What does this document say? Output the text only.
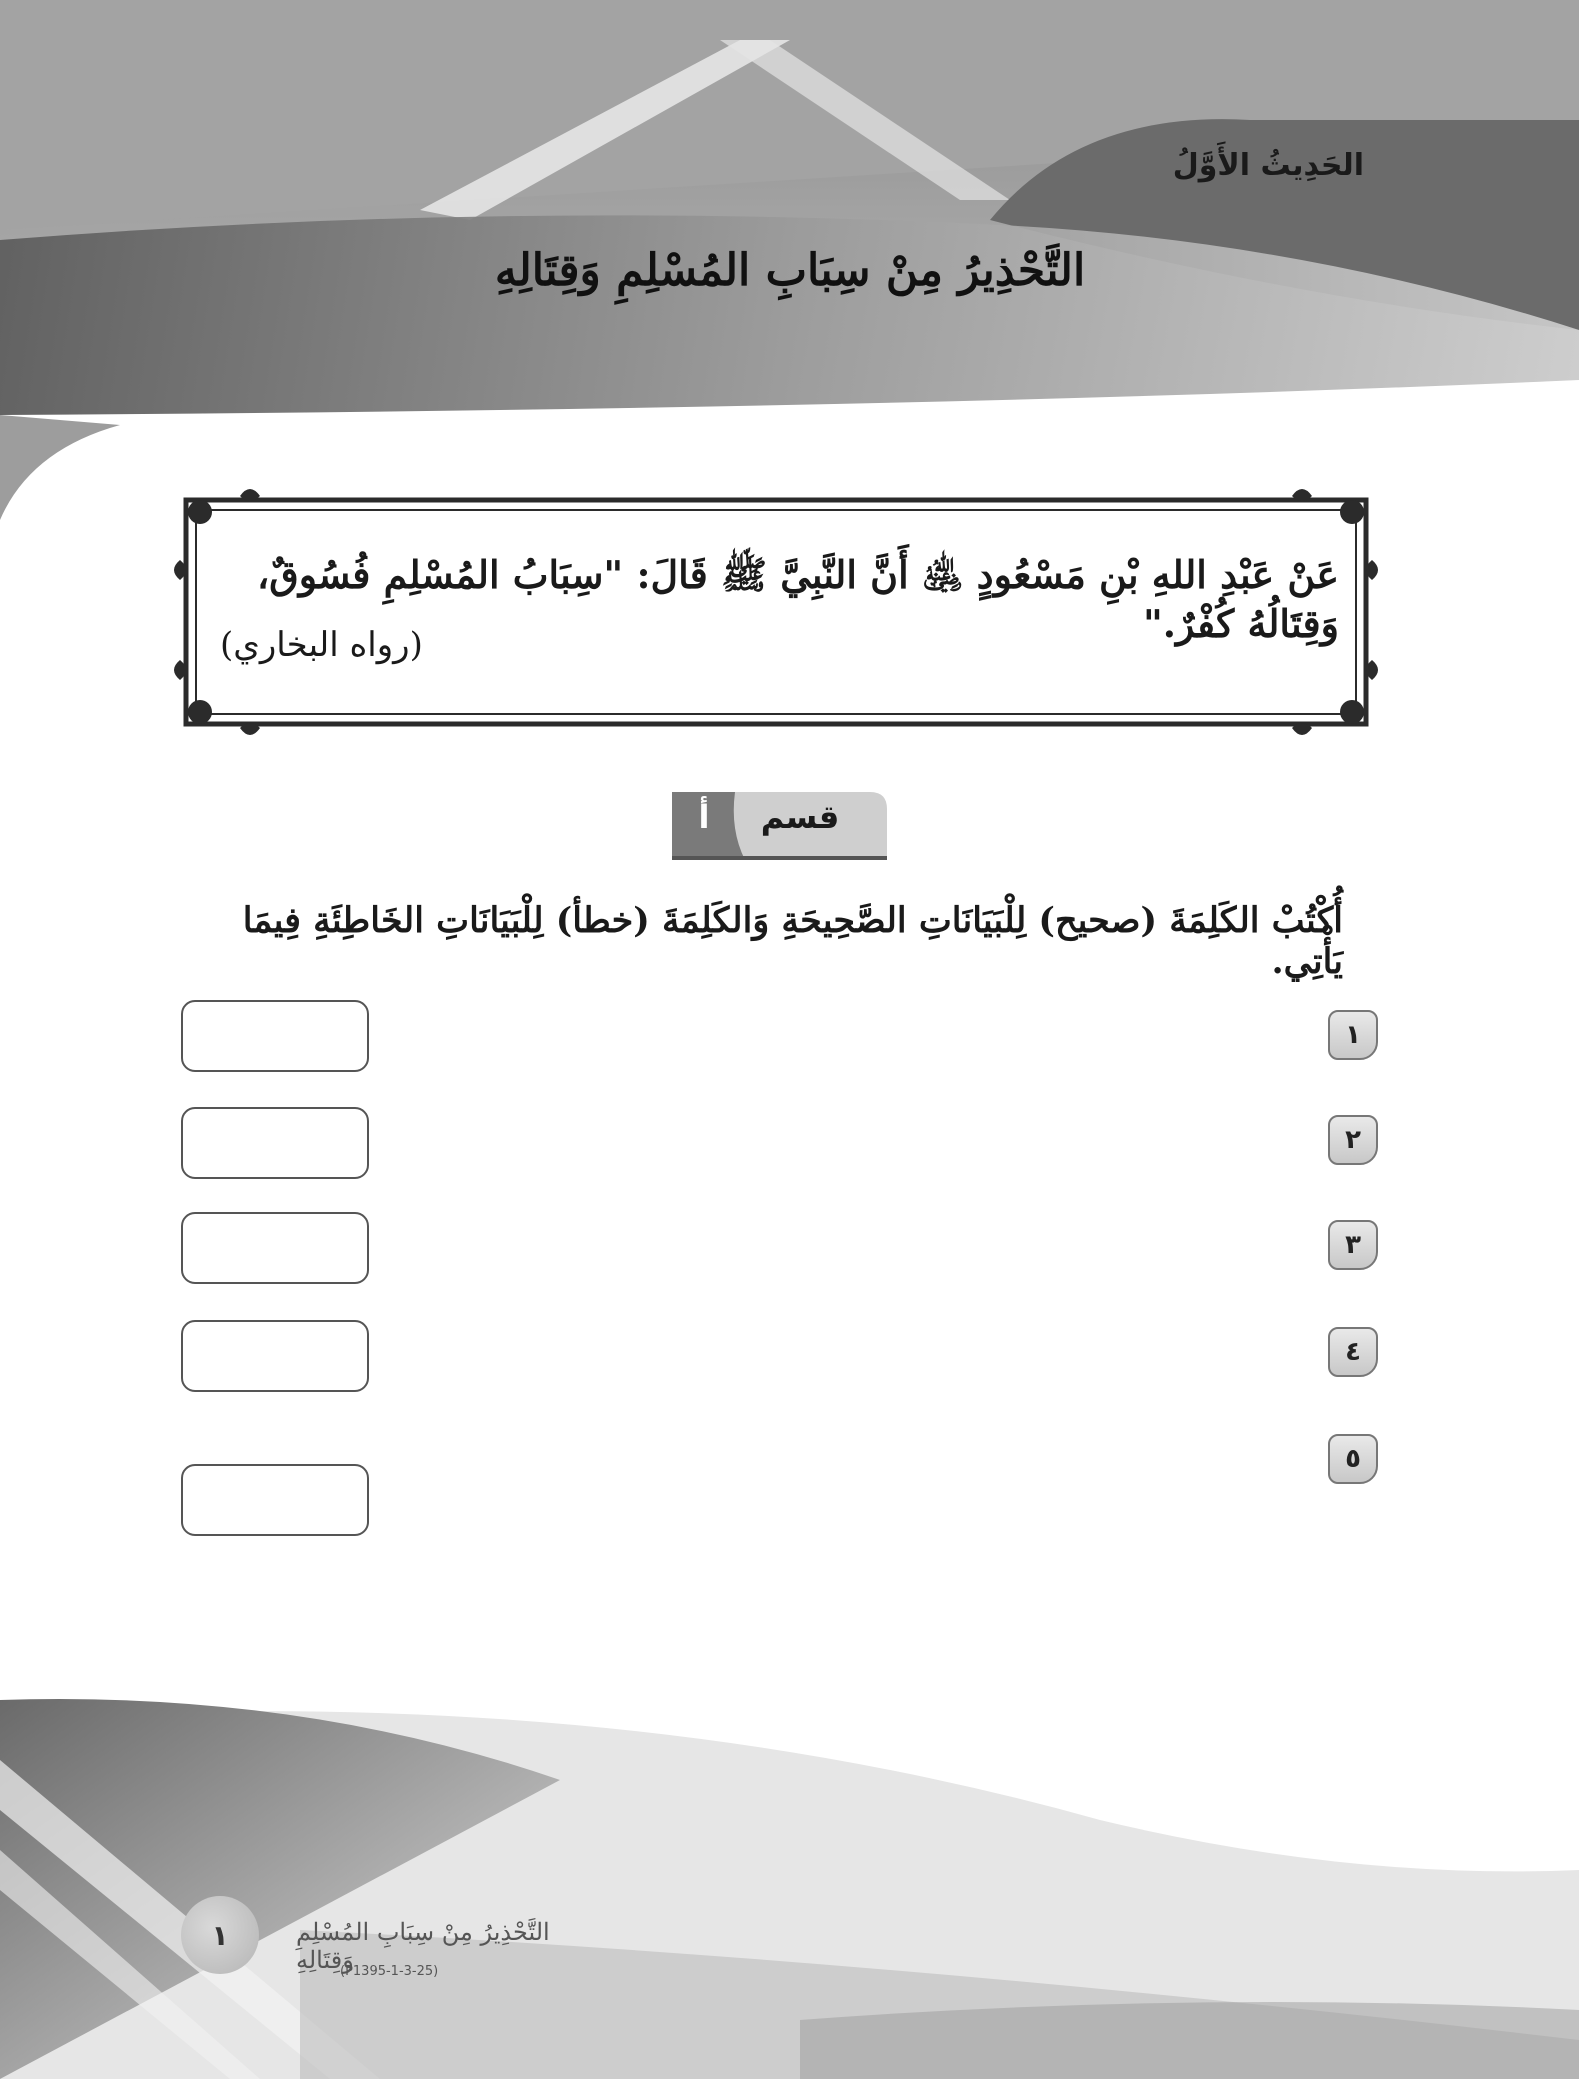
الحَدِيثُ الأَوَّلُ
التَّحْذِيرُ مِنْ سِبَابِ المُسْلِمِ وَقِتَالِهِ
عَنْ عَبْدِ اللهِ بْنِ مَسْعُودٍ ﵁ أَنَّ النَّبِيَّ ﷺ قَالَ: "سِبَابُ المُسْلِمِ فُسُوقٌ، وَقِتَالُهُ كُفْرٌ."
(رواه البخاري)
قسم
أ
أُكْتُبْ الكَلِمَةَ (صحيح) لِلْبَيَانَاتِ الصَّحِيحَةِ وَالكَلِمَةَ (خطأ) لِلْبَيَانَاتِ الخَاطِئَةِ فِيمَا يَأْتِي.
١
٢
٣
٤
٥
١	التَّحْذِيرُ مِنْ سِبَابِ المُسْلِمِ وَقِتَالِهِ
(P1395-1-3-25)
